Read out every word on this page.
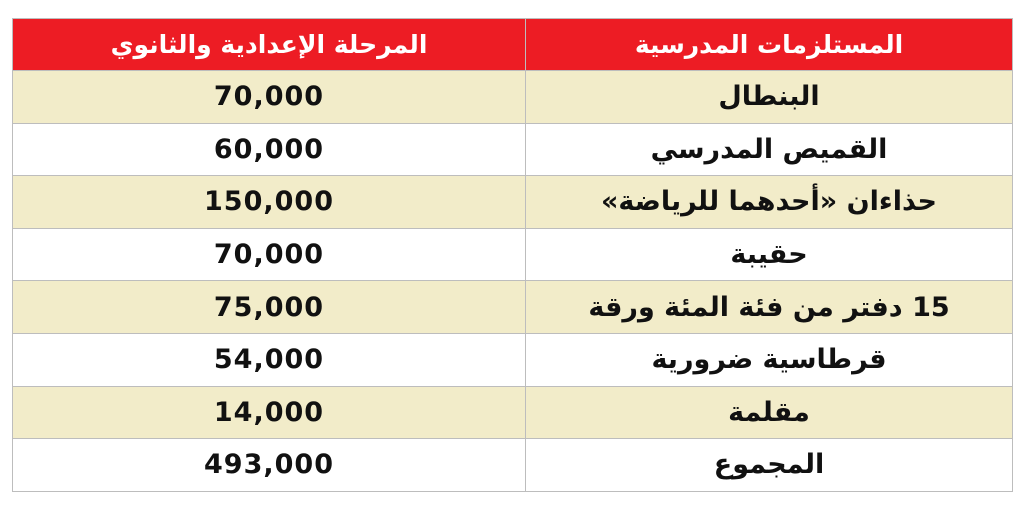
المستلزمات المدرسية	المرحلة الإعدادية والثانوي
البنطال	70,000
القميص المدرسي	60,000
حذاءان «أحدهما للرياضة»	150,000
حقيبة	70,000
15 دفتر من فئة المئة ورقة	75,000
قرطاسية ضرورية	54,000
مقلمة	14,000
المجموع	493,000
